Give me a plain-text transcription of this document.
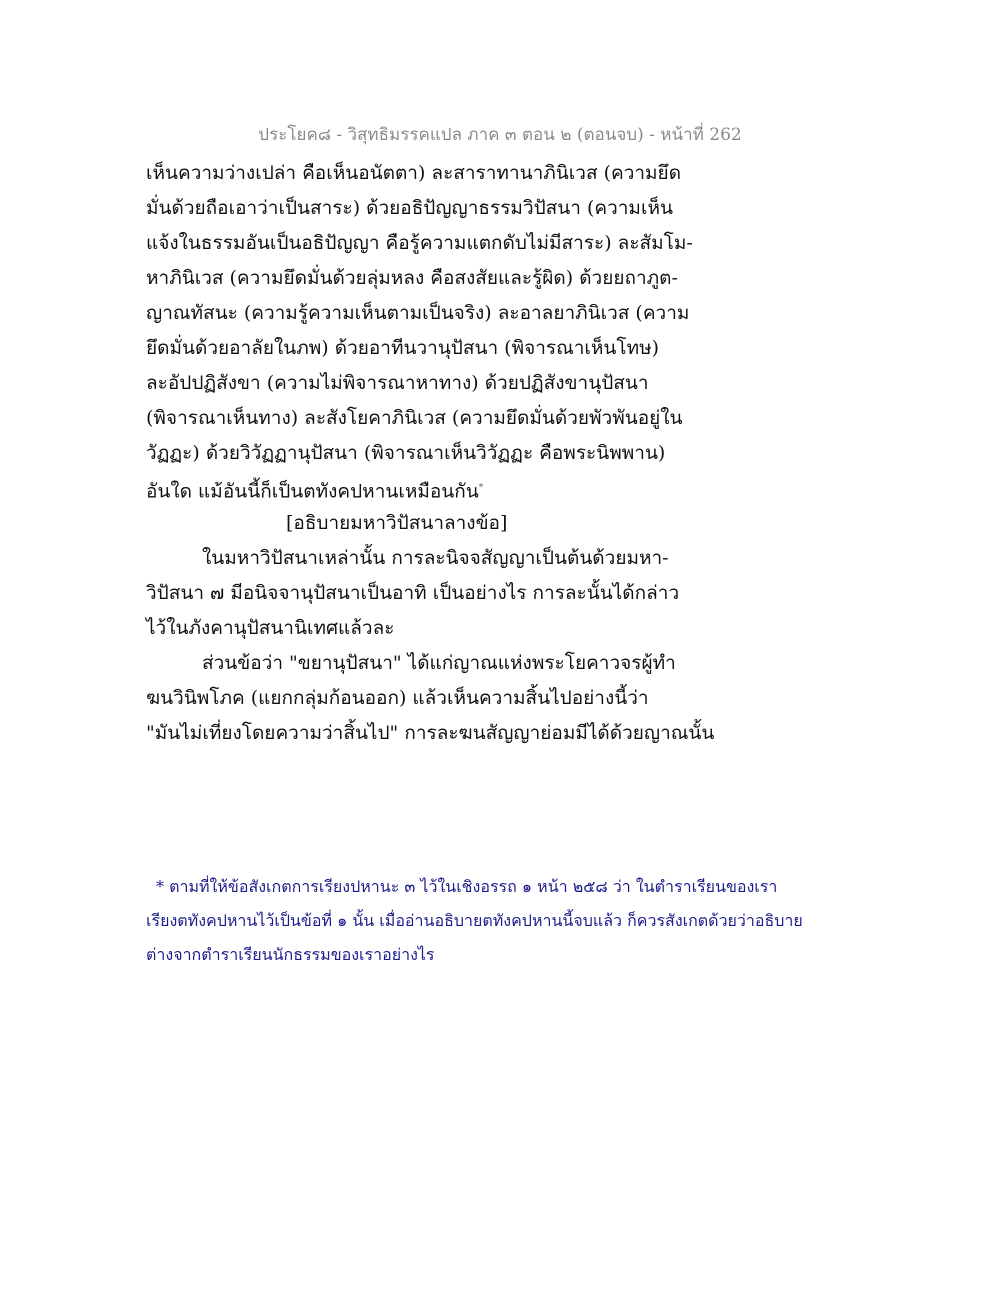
ประโยค๘ - วิสุทธิมรรคแปล ภาค ๓ ตอน ๒ (ตอนจบ) - หน้าที่ 262
เห็นความว่างเปล่า คือเห็นอนัตตา) ละสาราทานาภินิเวส (ความยึด
มั่นด้วยถือเอาว่าเป็นสาระ) ด้วยอธิปัญญาธรรมวิปัสนา (ความเห็น
แจ้งในธรรมอันเป็นอธิปัญญา คือรู้ความแตกดับไม่มีสาระ) ละสัมโม-
หาภินิเวส (ความยึดมั่นด้วยลุ่มหลง คือสงสัยและรู้ผิด) ด้วยยถาภูต-
ญาณทัสนะ (ความรู้ความเห็นตามเป็นจริง) ละอาลยาภินิเวส (ความ
ยึดมั่นด้วยอาลัยในภพ) ด้วยอาทีนวานุปัสนา (พิจารณาเห็นโทษ)
ละอัปปฏิสังขา (ความไม่พิจารณาหาทาง) ด้วยปฏิสังขานุปัสนา
(พิจารณาเห็นทาง) ละสังโยคาภินิเวส (ความยึดมั่นด้วยพัวพันอยู่ใน
วัฏฏะ) ด้วยวิวัฏฏานุปัสนา (พิจารณาเห็นวิวัฏฏะ คือพระนิพพาน)
อันใด แม้อันนี้ก็เป็นตทังคปหานเหมือนกัน*
[อธิบายมหาวิปัสนาลางข้อ]
ในมหาวิปัสนาเหล่านั้น การละนิจจสัญญาเป็นต้นด้วยมหา-
วิปัสนา ๗ มีอนิจจานุปัสนาเป็นอาทิ เป็นอย่างไร การละนั้นได้กล่าว
ไว้ในภังคานุปัสนานิเทศแล้วละ
ส่วนข้อว่า "ขยานุปัสนา" ได้แก่ญาณแห่งพระโยคาวจรผู้ทำ
ฆนวินิพโภค (แยกกลุ่มก้อนออก) แล้วเห็นความสิ้นไปอย่างนี้ว่า
"มันไม่เที่ยงโดยความว่าสิ้นไป" การละฆนสัญญาย่อมมีได้ด้วยญาณนั้น
* ตามที่ให้ข้อสังเกตการเรียงปหานะ ๓ ไว้ในเชิงอรรถ ๑ หน้า ๒๕๘ ว่า ในตำราเรียนของเรา
เรียงตทังคปหานไว้เป็นข้อที่ ๑ นั้น เมื่ออ่านอธิบายตทังคปหานนี้จบแล้ว ก็ควรสังเกตด้วยว่าอธิบาย
ต่างจากตำราเรียนนักธรรมของเราอย่างไร
